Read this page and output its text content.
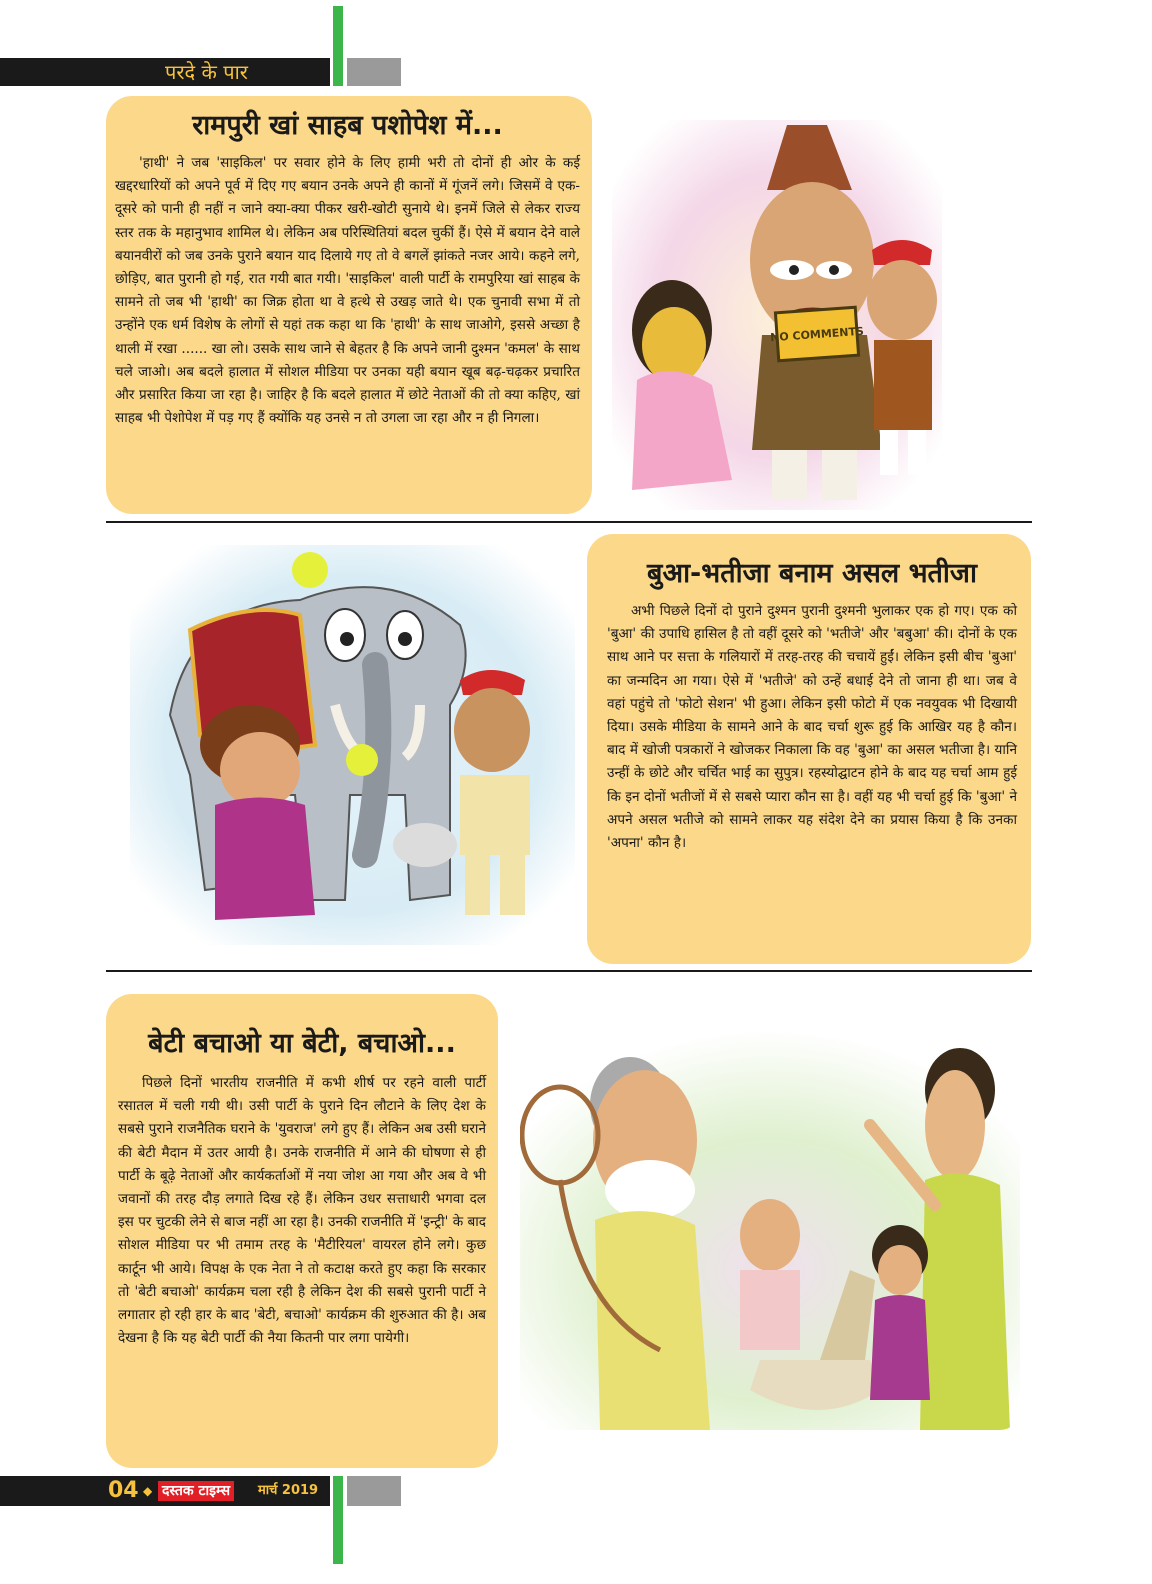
परदे के पार
रामपुरी खां साहब पशोपेश में...

'हाथी' ने जब 'साइकिल' पर सवार होने के लिए हामी भरी तो दोनों ही ओर के कई खद्दरधारियों को अपने पूर्व में दिए गए बयान उनके अपने ही कानों में गूंजनें लगे। जिसमें वे एक-दूसरे को पानी ही नहीं न जाने क्या-क्या पीकर खरी-खोटी सुनाये थे। इनमें जिले से लेकर राज्य स्तर तक के महानुभाव शामिल थे। लेकिन अब परिस्थितियां बदल चुकीं हैं। ऐसे में बयान देने वाले बयानवीरों को जब उनके पुराने बयान याद दिलाये गए तो वे बगलें झांकते नजर आये। कहने लगे, छोड़िए, बात पुरानी हो गई, रात गयी बात गयी। 'साइकिल' वाली पार्टी के रामपुरिया खां साहब के सामने तो जब भी 'हाथी' का जिक्र होता था वे हत्थे से उखड़ जाते थे। एक चुनावी सभा में तो उन्होंने एक धर्म विशेष के लोगों से यहां तक कहा था कि 'हाथी' के साथ जाओगे, इससे अच्छा है थाली में रखा ...... खा लो। उसके साथ जाने से बेहतर है कि अपने जानी दुश्मन 'कमल' के साथ चले जाओ। अब बदले हालात में सोशल मीडिया पर उनका यही बयान खूब बढ़-चढ़कर प्रचारित और प्रसारित किया जा रहा है। जाहिर है कि बदले हालात में छोटे नेताओं की तो क्या कहिए, खां साहब भी पेशोपेश में पड़ गए हैं क्योंकि यह उनसे न तो उगला जा रहा और न ही निगला।

NO COMMENTS
बुआ-भतीजा बनाम असल भतीजा

अभी पिछले दिनों दो पुराने दुश्मन पुरानी दुश्मनी भुलाकर एक हो गए। एक को 'बुआ' की उपाधि हासिल है तो वहीं दूसरे को 'भतीजे' और 'बबुआ' की। दोनों के एक साथ आने पर सत्ता के गलियारों में तरह-तरह की चचायें हुईं। लेकिन इसी बीच 'बुआ' का जन्मदिन आ गया। ऐसे में 'भतीजे' को उन्हें बधाई देने तो जाना ही था। जब वे वहां पहुंचे तो 'फोटो सेशन' भी हुआ। लेकिन इसी फोटो में एक नवयुवक भी दिखायी दिया। उसके मीडिया के सामने आने के बाद चर्चा शुरू हुई कि आखिर यह है कौन। बाद में खोजी पत्रकारों ने खोजकर निकाला कि वह 'बुआ' का असल भतीजा है। यानि उन्हीं के छोटे और चर्चित भाई का सुपुत्र। रहस्योद्घाटन होने के बाद यह चर्चा आम हुई कि इन दोनों भतीजों में से सबसे प्यारा कौन सा है। वहीं यह भी चर्चा हुई कि 'बुआ' ने अपने असल भतीजे को सामने लाकर यह संदेश देने का प्रयास किया है कि उनका 'अपना' कौन है।

बेटी बचाओ या बेटी, बचाओ...

पिछले दिनों भारतीय राजनीति में कभी शीर्ष पर रहने वाली पार्टी रसातल में चली गयी थी। उसी पार्टी के पुराने दिन लौटाने के लिए देश के सबसे पुराने राजनैतिक घराने के 'युवराज' लगे हुए हैं। लेकिन अब उसी घराने की बेटी मैदान में उतर आयी है। उनके राजनीति में आने की घोषणा से ही पार्टी के बूढ़े नेताओं और कार्यकर्ताओं में नया जोश आ गया और अब वे भी जवानों की तरह दौड़ लगाते दिख रहे हैं। लेकिन उधर सत्ताधारी भगवा दल इस पर चुटकी लेने से बाज नहीं आ रहा है। उनकी राजनीति में 'इन्ट्री' के बाद सोशल मीडिया पर भी तमाम तरह के 'मैटीरियल' वायरल होने लगे। कुछ कार्टून भी आये। विपक्ष के एक नेता ने तो कटाक्ष करते हुए कहा कि सरकार तो 'बेटी बचाओ' कार्यक्रम चला रही है लेकिन देश की सबसे पुरानी पार्टी ने लगातार हो रही हार के बाद 'बेटी, बचाओ' कार्यक्रम की शुरुआत की है। अब देखना है कि यह बेटी पार्टी की नैया कितनी पार लगा पायेगी।

04 ◆ दस्तक टाइम्स	मार्च 2019
